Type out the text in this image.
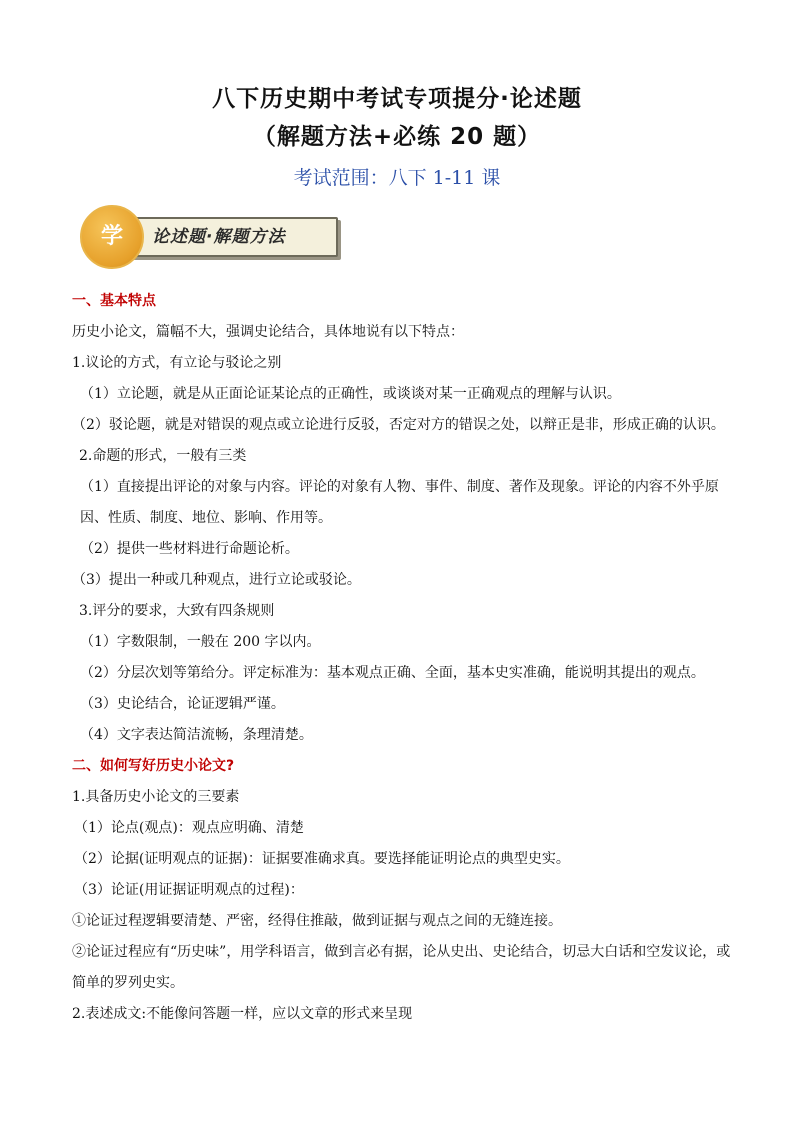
八下历史期中考试专项提分·论述题
（解题方法+必练 20 题）
考试范围：八下 1-11 课
论述题·解题方法
学

一、基本特点

历史小论文，篇幅不大，强调史论结合，具体地说有以下特点：

1.议论的方式，有立论与驳论之别

（1）立论题，就是从正面论证某论点的正确性，或谈谈对某一正确观点的理解与认识。

（2）驳论题，就是对错误的观点或立论进行反驳，否定对方的错误之处，以辩正是非，形成正确的认识。

2.命题的形式，一般有三类

（1）直接提出评论的对象与内容。评论的对象有人物、事件、制度、著作及现象。评论的内容不外乎原因、性质、制度、地位、影响、作用等。

（2）提供一些材料进行命题论析。

（3）提出一种或几种观点，进行立论或驳论。

3.评分的要求，大致有四条规则

（1）字数限制，一般在 200 字以内。

（2）分层次划等第给分。评定标准为：基本观点正确、全面，基本史实准确，能说明其提出的观点。

（3）史论结合，论证逻辑严谨。

（4）文字表达简洁流畅，条理清楚。

二、如何写好历史小论文?

1.具备历史小论文的三要素

（1）论点(观点)：观点应明确、清楚

（2）论据(证明观点的证据)：证据要准确求真。要选择能证明论点的典型史实。

（3）论证(用证据证明观点的过程)：

①论证过程逻辑要清楚、严密，经得住推敲，做到证据与观点之间的无缝连接。

②论证过程应有“历史味”，用学科语言，做到言必有据，论从史出、史论结合，切忌大白话和空发议论，或简单的罗列史实。

2.表述成文:不能像问答题一样，应以文章的形式来呈现
